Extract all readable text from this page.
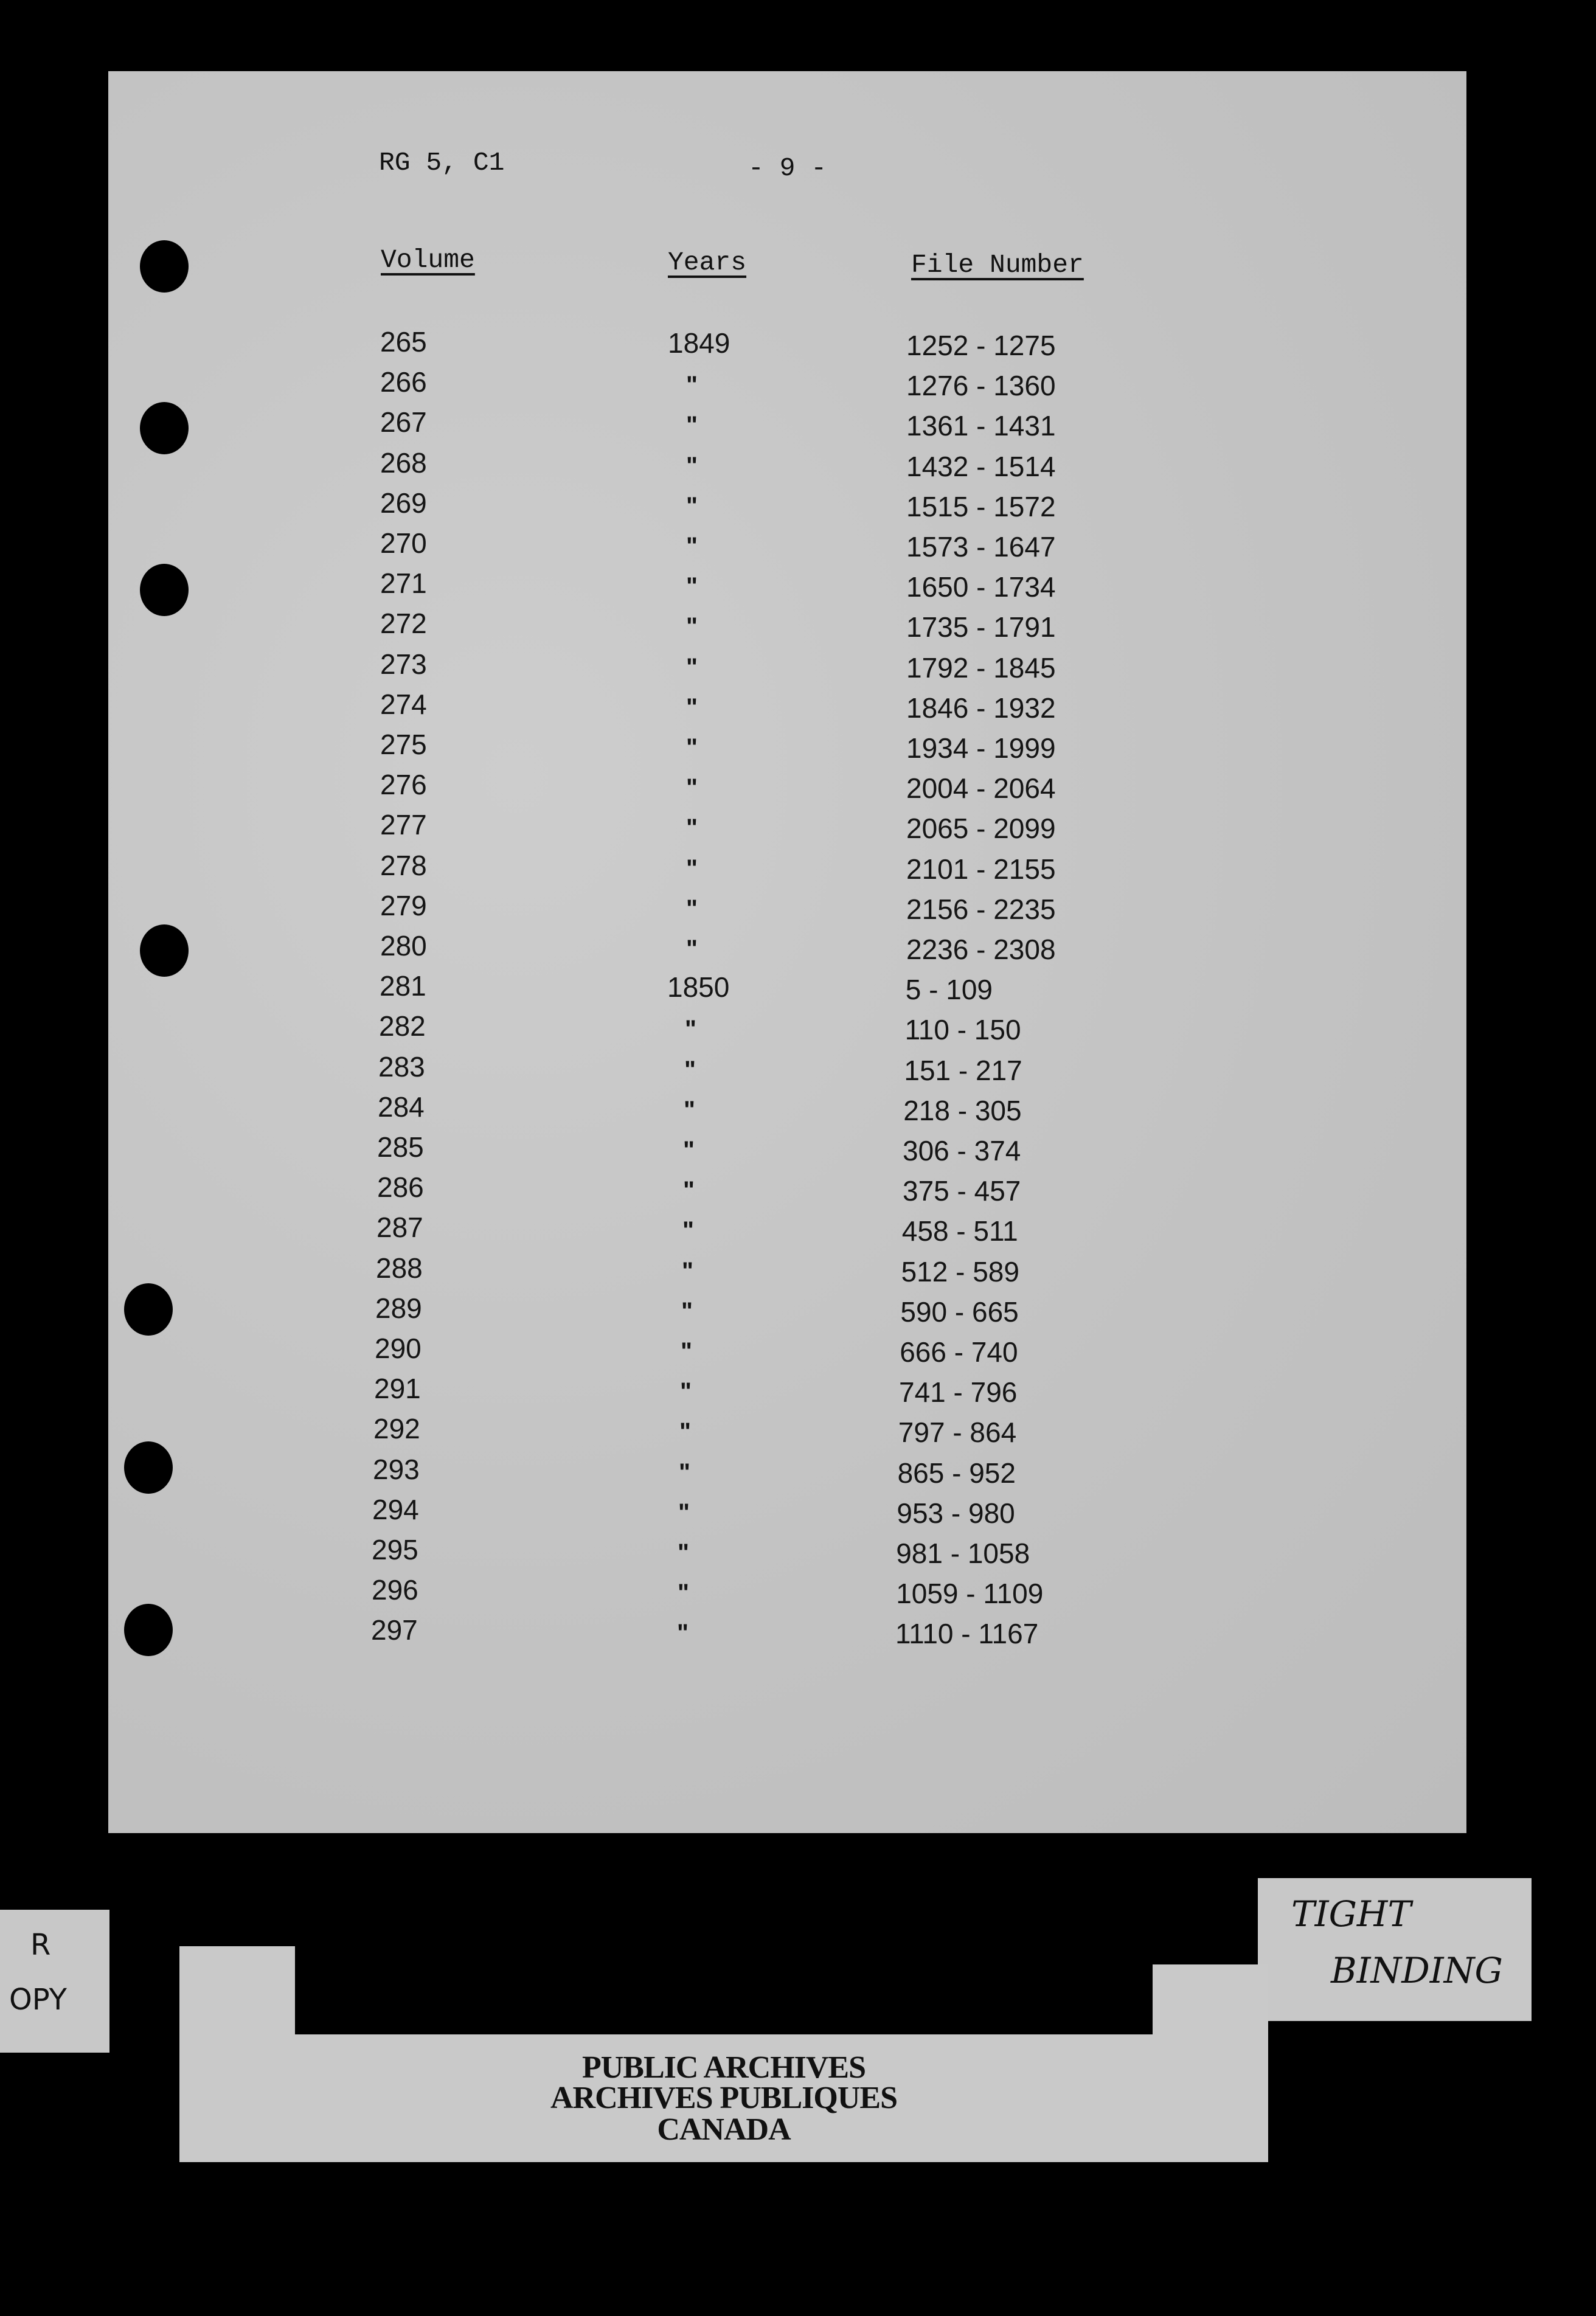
RG 5, C1	- 9 -
Volume	Years	File Number
265	1849	1252 - 1275
266	"	1276 - 1360
267	"	1361 - 1431
268	"	1432 - 1514
269	"	1515 - 1572
270	"	1573 - 1647
271	"	1650 - 1734
272	"	1735 - 1791
273	"	1792 - 1845
274	"	1846 - 1932
275	"	1934 - 1999
276	"	2004 - 2064
277	"	2065 - 2099
278	"	2101 - 2155
279	"	2156 - 2235
280	"	2236 - 2308
281	1850	5 - 109
282	"	110 - 150
283	"	151 - 217
284	"	218 - 305
285	"	306 - 374
286	"	375 - 457
287	"	458 - 511
288	"	512 - 589
289	"	590 - 665
290	"	666 - 740
291	"	741 - 796
292	"	797 - 864
293	"	865 - 952
294	"	953 - 980
295	"	981 - 1058
296	"	1059 - 1109
297	"	1110 - 1167
R
OPY
TIGHT
BINDING
PUBLIC ARCHIVES
ARCHIVES PUBLIQUES
CANADA
